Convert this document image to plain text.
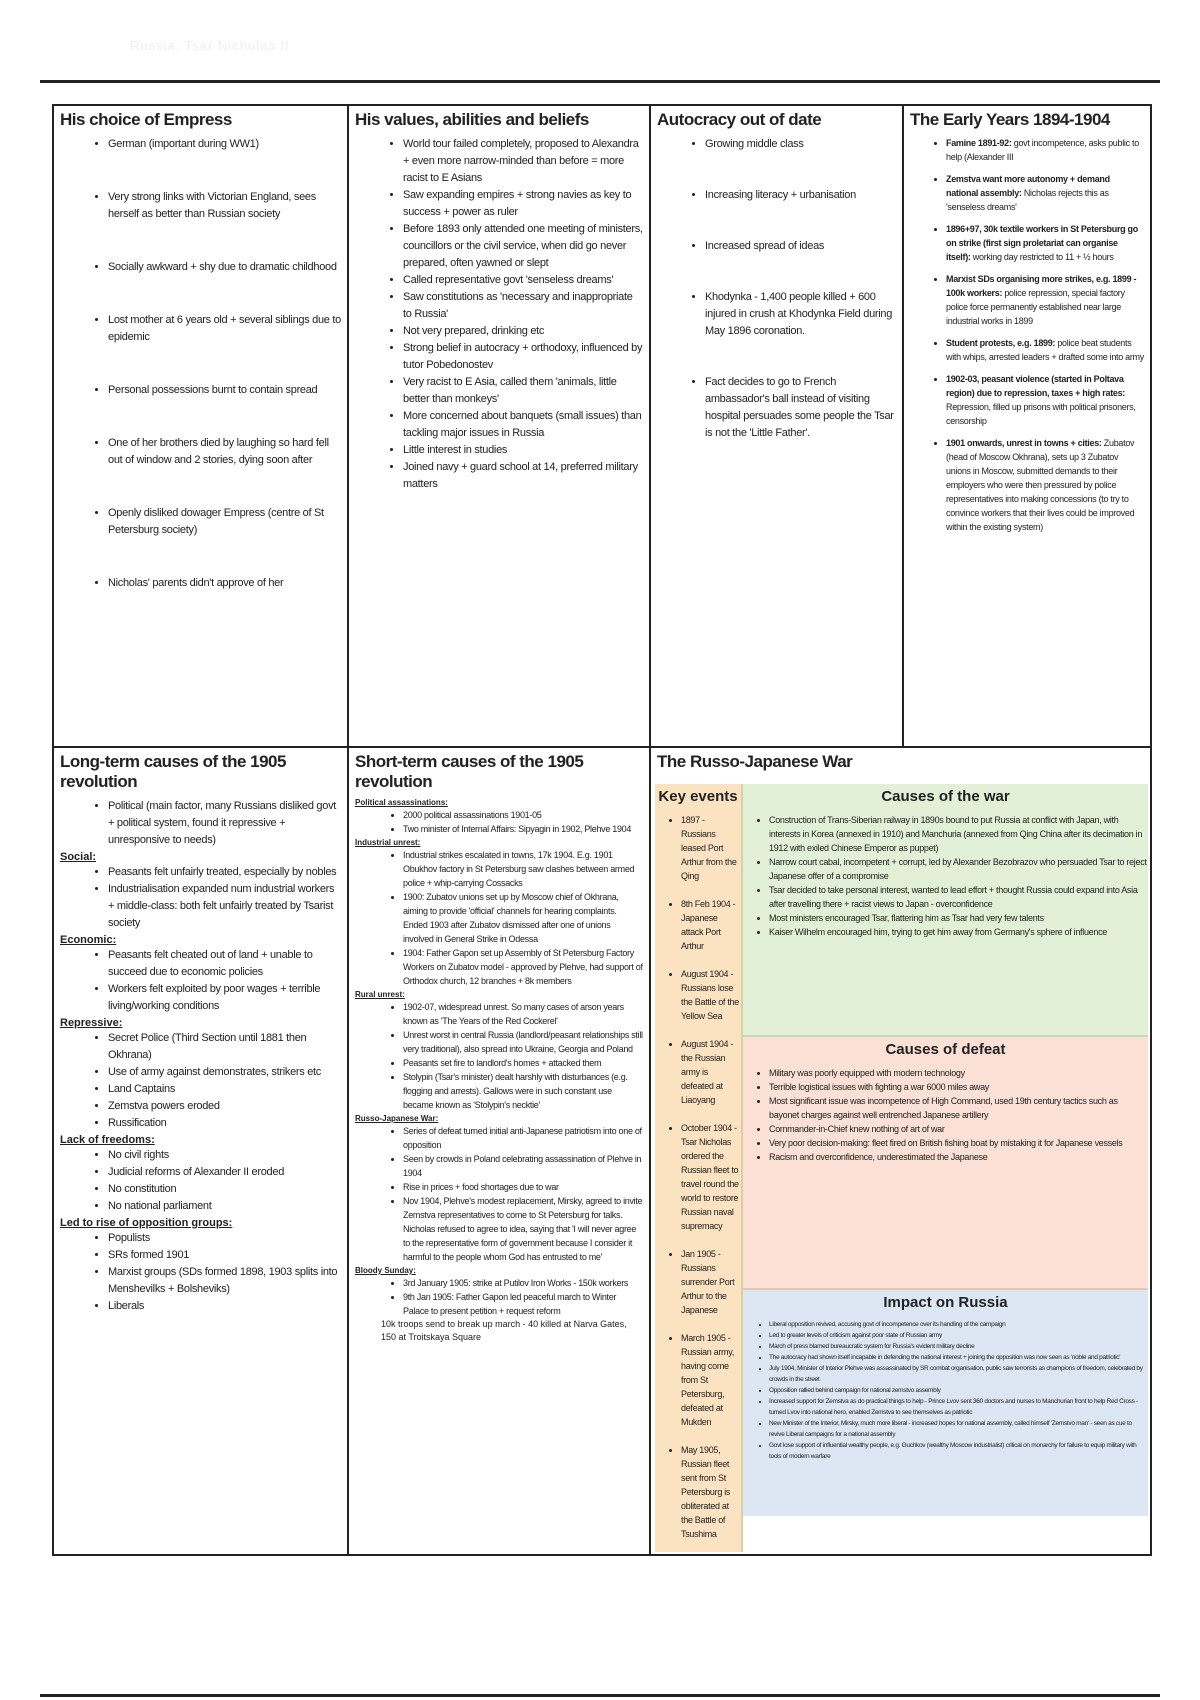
Russia: Tsar Nicholas II
His choice of Empress
• German (important during WW1)
• Very strong links with Victorian England, sees herself as better than Russian society
• Socially awkward + shy due to dramatic childhood
• Lost mother at 6 years old + several siblings due to epidemic
• Personal possessions burnt to contain spread
• One of her brothers died by laughing so hard fell out of window and 2 stories, dying soon after
• Openly disliked dowager Empress (centre of St Petersburg society)
• Nicholas' parents didn't approve of her
His values, abilities and beliefs
• World tour failed completely, proposed to Alexandra + even more narrow-minded than before = more racist to E Asians
• Saw expanding empires + strong navies as key to success + power as ruler
• Before 1893 only attended one meeting of ministers, councillors or the civil service, when did go never prepared, often yawned or slept
• Called representative govt 'senseless dreams'
• Saw constitutions as 'necessary and inappropriate to Russia'
• Not very prepared, drinking etc
• Strong belief in autocracy + orthodoxy, influenced by tutor Pobedonostev
• Very racist to E Asia, called them 'animals, little better than monkeys'
• More concerned about banquets (small issues) than tackling major issues in Russia
• Little interest in studies
• Joined navy + guard school at 14, preferred military matters
Autocracy out of date
• Growing middle class
• Increasing literacy + urbanisation
• Increased spread of ideas
• Khodynka - 1,400 people killed + 600 injured in crush at Khodynka Field during May 1896 coronation.
• Fact decides to go to French ambassador's ball instead of visiting hospital persuades some people the Tsar is not the 'Little Father'.
The Early Years 1894-1904
• Famine 1891-92: govt incompetence, asks public to help (Alexander III
• Zemstva want more autonomy + demand national assembly: Nicholas rejects this as 'senseless dreams'
• 1896+97, 30k textile workers in St Petersburg go on strike (first sign proletariat can organise itself): working day restricted to 11 + ½ hours
• Marxist SDs organising more strikes, e.g. 1899 - 100k workers: police repression, special factory police force permanently established near large industrial works in 1899
• Student protests, e.g. 1899: police beat students with whips, arrested leaders + drafted some into army
• 1902-03, peasant violence (started in Poltava region) due to repression, taxes + high rates: Repression, filled up prisons with political prisoners, censorship
• 1901 onwards, unrest in towns + cities: Zubatov (head of Moscow Okhrana), sets up 3 Zubatov unions in Moscow, submitted demands to their employers who were then pressured by police representatives into making concessions (to try to convince workers that their lives could be improved within the existing system)
Long-term causes of the 1905 revolution
• Political (main factor, many Russians disliked govt + political system, found it repressive + unresponsive to needs)
Social:
• Peasants felt unfairly treated, especially by nobles
• Industrialisation expanded num industrial workers + middle-class: both felt unfairly treated by Tsarist society
Economic:
• Peasants felt cheated out of land + unable to succeed due to economic policies
• Workers felt exploited by poor wages + terrible living/working conditions
Repressive:
• Secret Police (Third Section until 1881 then Okhrana)
• Use of army against demonstrates, strikers etc
• Land Captains
• Zemstva powers eroded
• Russification
Lack of freedoms:
• No civil rights
• Judicial reforms of Alexander II eroded
• No constitution
• No national parliament
Led to rise of opposition groups:
• Populists
• SRs formed 1901
• Marxist groups (SDs formed 1898, 1903 splits into Menshevilks + Bolsheviks)
• Liberals
Short-term causes of the 1905 revolution
Political assassinations:
• 2000 political assassinations 1901-05
• Two minister of Internal Affairs: Sipyagin in 1902, Plehve 1904
Industrial unrest:
• Industrial strikes escalated in towns, 17k 1904. E.g. 1901 Obukhov factory in St Petersburg saw clashes between armed police + whip-carrying Cossacks
• 1900: Zubatov unions set up by Moscow chief of Okhrana, aiming to provide 'official' channels for hearing complaints. Ended 1903 after Zubatov dismissed after one of unions involved in General Strike in Odessa
• 1904: Father Gapon set up Assembly of St Petersburg Factory Workers on Zubatov model - approved by Plehve, had support of Orthodox church, 12 branches + 8k members
Rural unrest:
• 1902-07, widespread unrest. So many cases of arson years known as 'The Years of the Red Cockerel'
• Unrest worst in central Russia (landlord/peasant relationships still very traditional), also spread into Ukraine, Georgia and Poland
• Peasants set fire to landlord's homes + attacked them
• Stolypin (Tsar's minister) dealt harshly with disturbances (e.g. flogging and arrests). Gallows were in such constant use became known as 'Stolypin's necktie'
Russo-Japanese War:
• Series of defeat turned initial anti-Japanese patriotism into one of opposition
• Seen by crowds in Poland celebrating assassination of Plehve in 1904
• Rise in prices + food shortages due to war
• Nov 1904, Plehve's modest replacement, Mirsky, agreed to invite Zemstva representatives to come to St Petersburg for talks. Nicholas refused to agree to idea, saying that 'I will never agree to the representative form of government because I consider it harmful to the people whom God has entrusted to me'
Bloody Sunday:
• 3rd January 1905: strike at Putilov Iron Works - 150k workers
• 9th Jan 1905: Father Gapon led peaceful march to Winter Palace to present petition + request reform
10k troops send to break up march - 40 killed at Narva Gates, 150 at Troitskaya Square
The Russo-Japanese War
Key events
• 1897 - Russians leased Port Arthur from the Qing
• 8th Feb 1904 - Japanese attack Port Arthur
• August 1904 - Russians lose the Battle of the Yellow Sea
• August 1904 - the Russian army is defeated at Liaoyang
• October 1904 - Tsar Nicholas ordered the Russian fleet to travel round the world to restore Russian naval supremacy
• Jan 1905 - Russians surrender Port Arthur to the Japanese
• March 1905 - Russian army, having come from St Petersburg, defeated at Mukden
• May 1905, Russian fleet sent from St Petersburg is obliterated at the Battle of Tsushima
Causes of the war
• Construction of Trans-Siberian railway in 1890s bound to put Russia at conflict with Japan, with interests in Korea (annexed in 1910) and Manchuria (annexed from Qing China after its decimation in 1912 with exiled Chinese Emperor as puppet)
• Narrow court cabal, incompetent + corrupt, led by Alexander Bezobrazov who persuaded Tsar to reject Japanese offer of a compromise
• Tsar decided to take personal interest, wanted to lead effort + thought Russia could expand into Asia after travelling there + racist views to Japan - overconfidence
• Most ministers encouraged Tsar, flattering him as Tsar had very few talents
• Kaiser Wilhelm encouraged him, trying to get him away from Germany's sphere of influence
Causes of defeat
• Military was poorly equipped with modern technology
• Terrible logistical issues with fighting a war 6000 miles away
• Most significant issue was incompetence of High Command, used 19th century tactics such as bayonet charges against well entrenched Japanese artillery
• Commander-in-Chief knew nothing of art of war
• Very poor decision-making: fleet fired on British fishing boat by mistaking it for Japanese vessels
• Racism and overconfidence, underestimated the Japanese
Impact on Russia
• Liberal opposition revived, accusing govt of incompetence over its handling of the campaign
• Led to greater levels of criticism against poor state of Russian army
• March of press blamed bureaucratic system for Russia's evident military decline
• The autocracy had shown itself incapable in defending the national interest + joining the opposition was now seen as 'noble and patriotic'
• July 1904, Minister of Interior Plehve was assassinated by SR combat organisation, public saw terrorists as champions of freedom, celebrated by crowds in the street
• Opposition rallied behind campaign for national zemstvo assembly
• Increased support for Zemstva as do practical things to help - Prince Lvov sent 360 doctors and nurses to Manchurian front to help Red Cross - turned Lvov into national hero, enabled Zemstva to see themselves as patriotic
• New Minister of the Interior, Mirsky, much more liberal - increased hopes for national assembly, called himself 'Zemstvo man' - seen as cue to revive Liberal campaigns for a national assembly
• Govt lose support of influential wealthy people, e.g. Guchkov (wealthy Moscow industrialist) critical on monarchy for failure to equip military with tools of modern warfare
